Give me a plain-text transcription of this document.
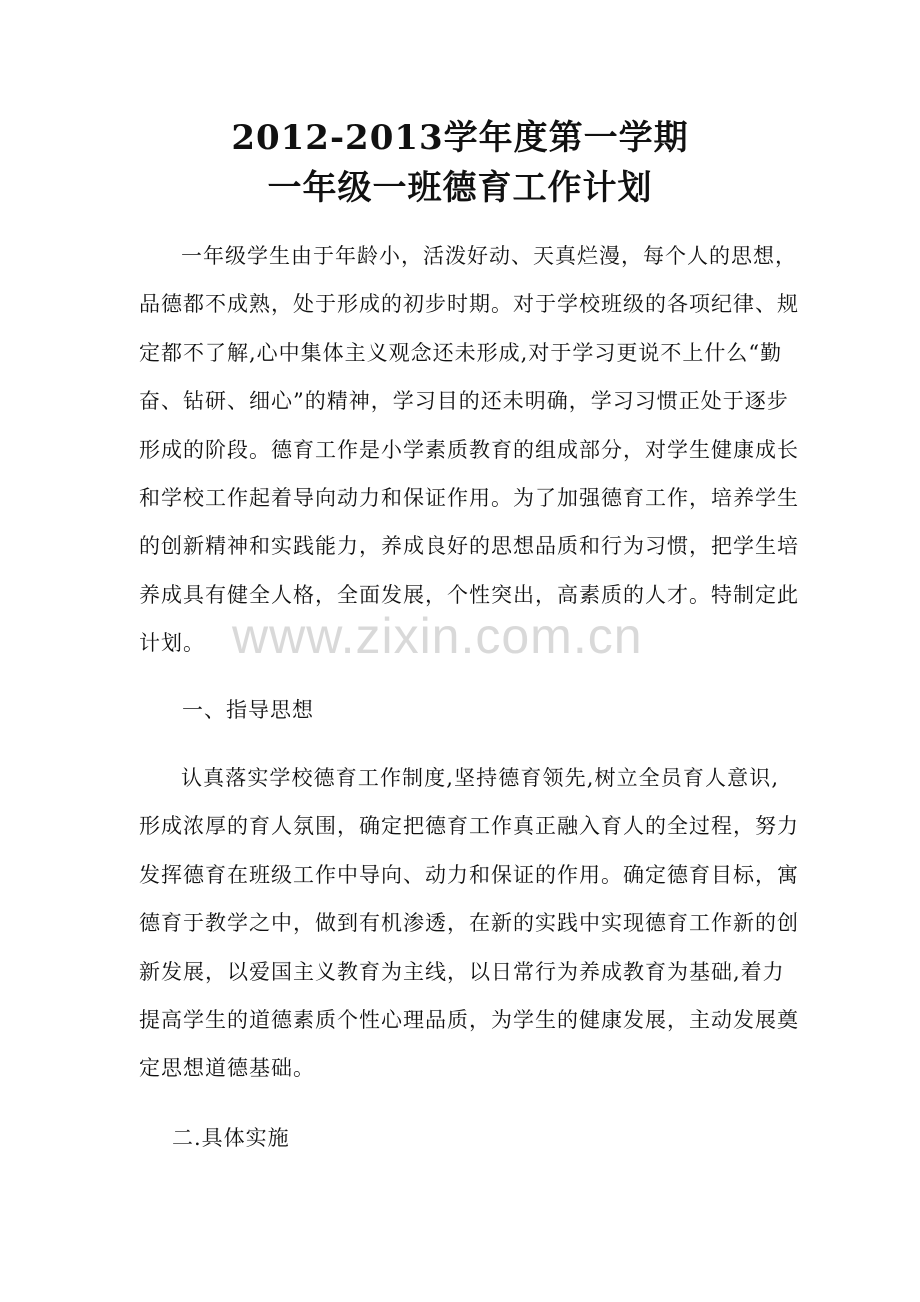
2012-2013学年度第一学期
一年级一班德育工作计划
一年级学生由于年龄小，活泼好动、天真烂漫，每个人的思想，
品德都不成熟，处于形成的初步时期。对于学校班级的各项纪律、规
定都不了解,心中集体主义观念还未形成,对于学习更说不上什么“勤
奋、钻研、细心”的精神，学习目的还未明确，学习习惯正处于逐步
形成的阶段。德育工作是小学素质教育的组成部分，对学生健康成长
和学校工作起着导向动力和保证作用。为了加强德育工作，培养学生
的创新精神和实践能力，养成良好的思想品质和行为习惯，把学生培
养成具有健全人格，全面发展，个性突出，高素质的人才。特制定此
计划。
一、指导思想
认真落实学校德育工作制度,坚持德育领先,树立全员育人意识,
形成浓厚的育人氛围，确定把德育工作真正融入育人的全过程，努力
发挥德育在班级工作中导向、动力和保证的作用。确定德育目标，寓
德育于教学之中，做到有机渗透，在新的实践中实现德育工作新的创
新发展，以爱国主义教育为主线，以日常行为养成教育为基础,着力
提高学生的道德素质个性心理品质，为学生的健康发展，主动发展奠
定思想道德基础。
二.具体实施
www.zixin.com.cn
